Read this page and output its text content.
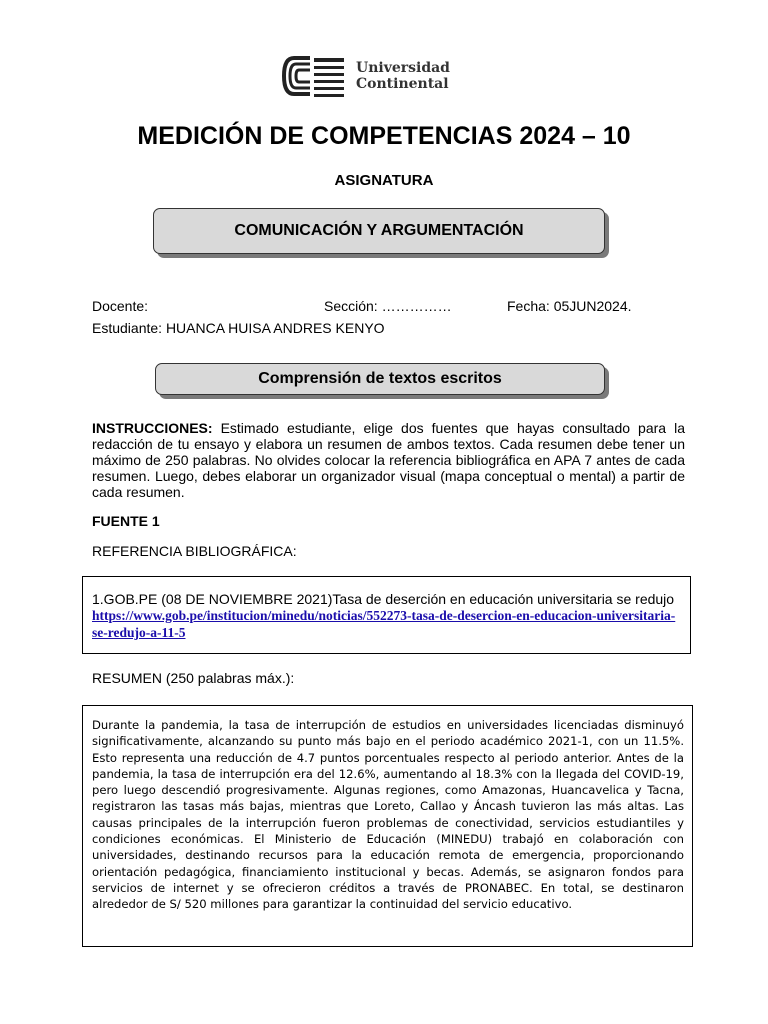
Universidad
Continental
MEDICIÓN DE COMPETENCIAS 2024 – 10
ASIGNATURA
COMUNICACIÓN Y ARGUMENTACIÓN
Docente:	Sección: ……………	Fecha: 05JUN2024.
Estudiante: HUANCA HUISA ANDRES KENYO
Comprensión de textos escritos
INSTRUCCIONES: Estimado estudiante, elige dos fuentes que hayas consultado para la redacción de tu ensayo y elabora un resumen de ambos textos. Cada resumen debe tener un máximo de 250 palabras. No olvides colocar la referencia bibliográfica en APA 7 antes de cada resumen. Luego, debes elaborar un organizador visual (mapa conceptual o mental) a partir de cada resumen.
FUENTE 1
REFERENCIA BIBLIOGRÁFICA:
1.GOB.PE (08 DE NOVIEMBRE 2021)Tasa de deserción en educación universitaria se redujo
https://www.gob.pe/institucion/minedu/noticias/552273-tasa-de-desercion-en-educacion-universitaria-se-redujo-a-11-5
RESUMEN (250 palabras máx.):
Durante la pandemia, la tasa de interrupción de estudios en universidades licenciadas disminuyó significativamente, alcanzando su punto más bajo en el periodo académico 2021-1, con un 11.5%. Esto representa una reducción de 4.7 puntos porcentuales respecto al periodo anterior. Antes de la pandemia, la tasa de interrupción era del 12.6%, aumentando al 18.3% con la llegada del COVID-19, pero luego descendió progresivamente. Algunas regiones, como Amazonas, Huancavelica y Tacna, registraron las tasas más bajas, mientras que Loreto, Callao y Áncash tuvieron las más altas. Las causas principales de la interrupción fueron problemas de conectividad, servicios estudiantiles y condiciones económicas. El Ministerio de Educación (MINEDU) trabajó en colaboración con universidades, destinando recursos para la educación remota de emergencia, proporcionando orientación pedagógica, financiamiento institucional y becas. Además, se asignaron fondos para servicios de internet y se ofrecieron créditos a través de PRONABEC. En total, se destinaron alrededor de S/ 520 millones para garantizar la continuidad del servicio educativo.
